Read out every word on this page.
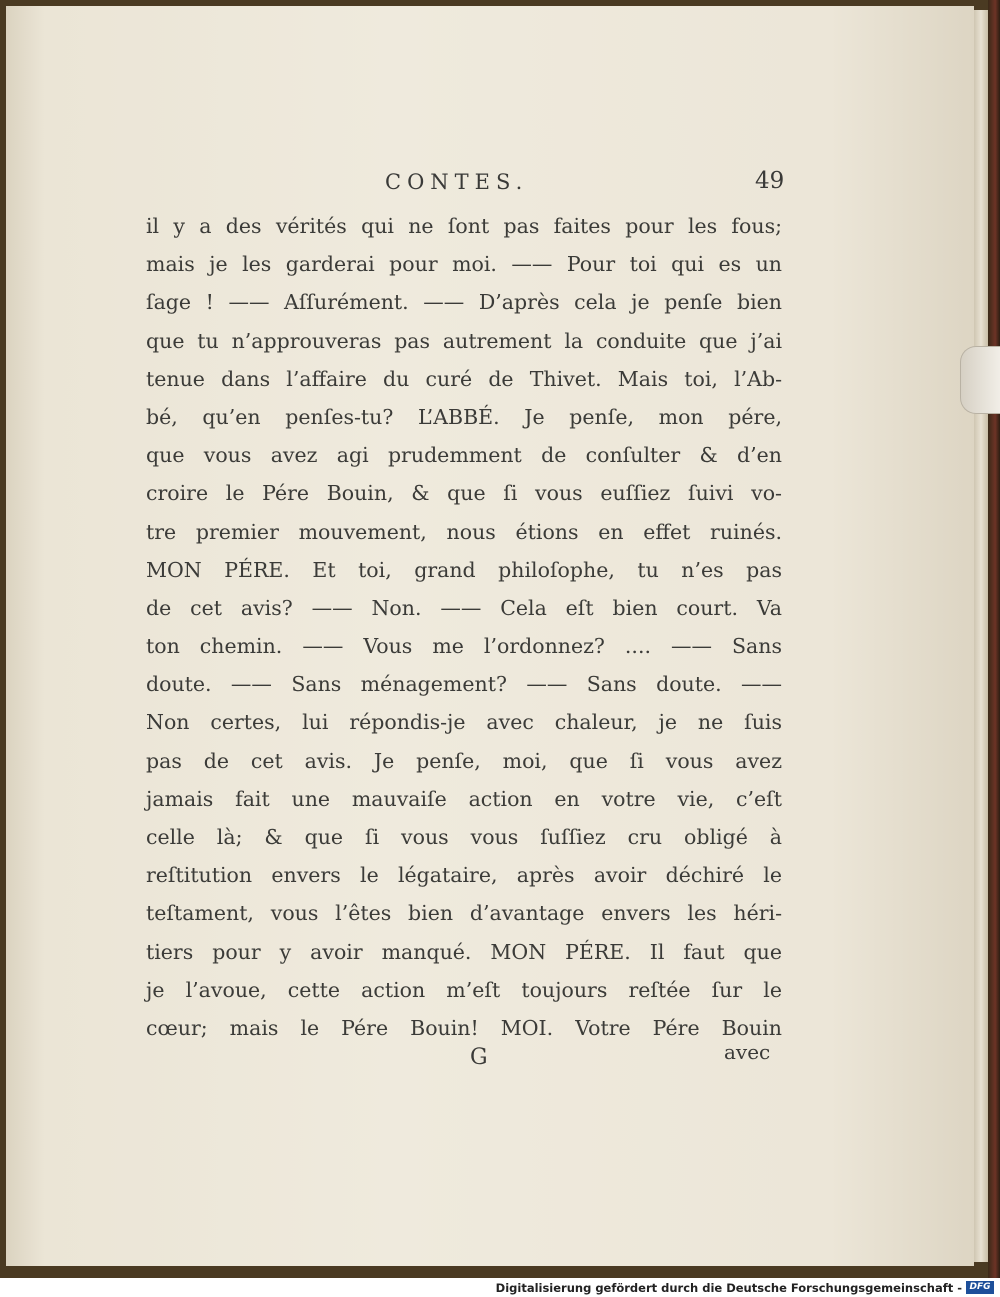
CONTES.	49
il y a des vérités qui ne ſont pas faites pour les fous;
mais je les garderai pour moi. —— Pour toi qui es un
ſage ! —— Aſſurément. —— D’après cela je penſe bien
que tu n’approuveras pas autrement la conduite que j’ai
tenue dans l’affaire du curé de Thivet. Mais toi, l’Ab-
bé, qu’en penſes-tu? L’ABBÉ. Je penſe, mon pére,
que vous avez agi prudemment de conſulter & d’en
croire le Pére Bouin, & que ſi vous euſſiez ſuivi vo-
tre premier mouvement, nous étions en effet ruinés.
MON PÉRE. Et toi, grand philoſophe, tu n’es pas
de cet avis? —— Non. —— Cela eſt bien court. Va
ton chemin. —— Vous me l’ordonnez? .... —— Sans
doute. —— Sans ménagement? —— Sans doute. ——
Non certes, lui répondis-je avec chaleur, je ne ſuis
pas de cet avis. Je penſe, moi, que ſi vous avez
jamais fait une mauvaiſe action en votre vie, c’eſt
celle là; & que ſi vous vous ſuſſiez cru obligé à
reſtitution envers le légataire, après avoir déchiré le
teſtament, vous l’êtes bien d’avantage envers les héri-
tiers pour y avoir manqué. MON PÉRE. Il faut que
je l’avoue, cette action m’eſt toujours reſtée ſur le
cœur; mais le Pére Bouin! MOI. Votre Pére Bouin
G	avec
Digitalisierung gefördert durch die Deutsche Forschungsgemeinschaft - DFG
